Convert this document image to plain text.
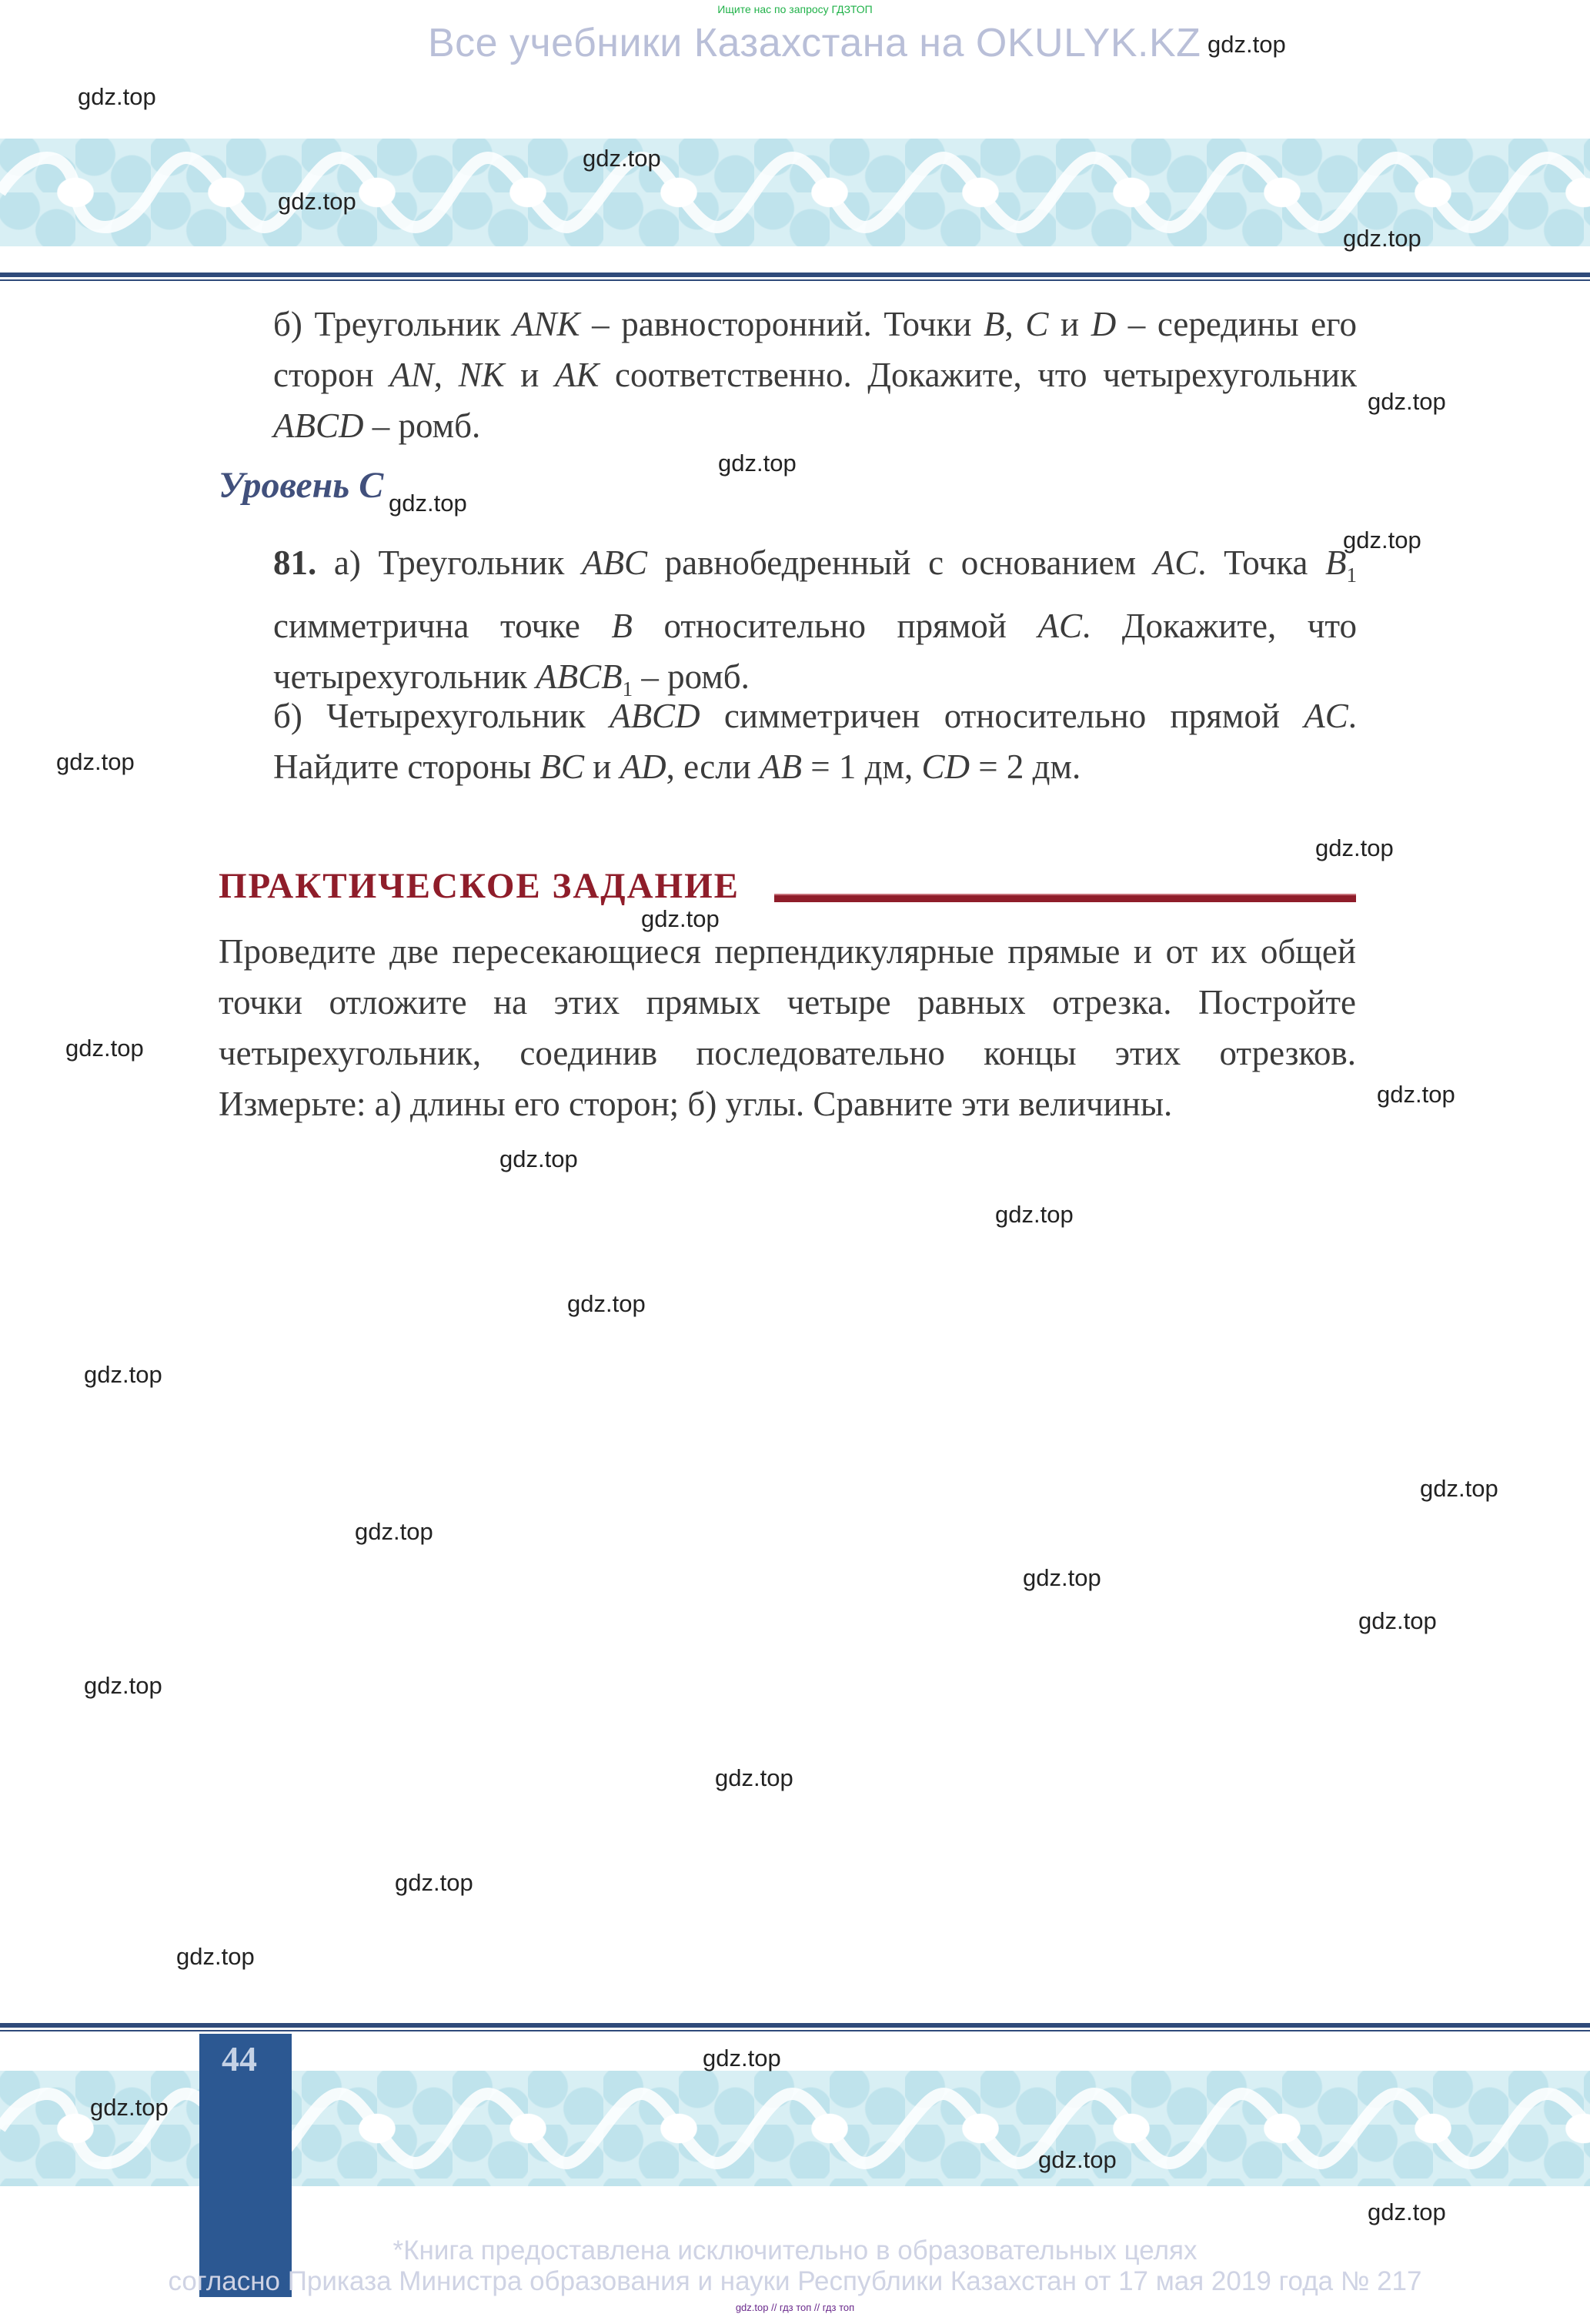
Ищите нас по запросу ГДЗТОП
Все учебники Казахстана на OKULYK.KZ
б) Треугольник ANK – равносторонний. Точки B, C и D – середины его сторон AN, NK и AK соответственно. Докажите, что четырехугольник ABCD – ромб.
Уровень C
81. а) Треугольник ABC равнобедренный с основанием AC. Точка $B_1$ симметрична точке B относительно прямой AC. Докажите, что четырехугольник $ABCB_1$ – ромб.
б) Четырехугольник ABCD симметричен относительно прямой AC. Найдите стороны BC и AD, если AB = 1 дм, CD = 2 дм.
ПРАКТИЧЕСКОЕ ЗАДАНИЕ
Проведите две пересекающиеся перпендикулярные прямые и от их общей точки отложите на этих прямых четыре равных отрезка. Постройте четырехугольник, соединив последовательно концы этих отрезков. Измерьте: а) длины его сторон; б) углы. Сравните эти величины.
44
*Книга предоставлена исключительно в образовательных целях
согласно Приказа Министра образования и науки Республики Казахстан от 17 мая 2019 года № 217
gdz.top // гдз топ // гдз топ
gdz.top
gdz.top
gdz.top
gdz.top
gdz.top
gdz.top
gdz.top
gdz.top
gdz.top
gdz.top
gdz.top
gdz.top
gdz.top
gdz.top
gdz.top
gdz.top
gdz.top
gdz.top
gdz.top
gdz.top
gdz.top
gdz.top
gdz.top
gdz.top
gdz.top
gdz.top
gdz.top
gdz.top
gdz.top
gdz.top
